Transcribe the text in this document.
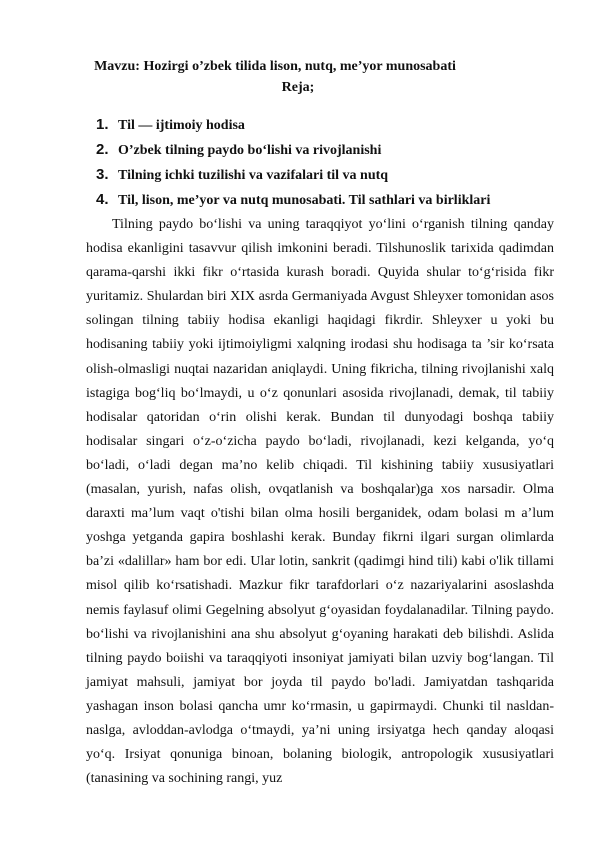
Mavzu: Hozirgi o’zbek tilida lison, nutq, me’yor munosabati
Reja;
1. Til — ijtimoiy hodisa
2. O’zbek tilning paydo bo‘lishi va rivojlanishi
3. Tilning ichki tuzilishi va vazifalari til va nutq
4. Til, lison, me’yor va nutq munosabati. Til sathlari va birliklari

Tilning paydo bo‘lishi va uning taraqqiyot yo‘lini o‘rganish tilning qanday hodisa ekanligini tasavvur qilish imkonini beradi. Tilshunoslik tarixida qadimdan qarama-qarshi ikki fikr o‘rtasida kurash boradi. Quyida shular to‘g‘risida fikr yuritamiz. Shulardan biri XIX asrda Germaniyada Avgust Shleyxer tomonidan asos solingan tilning tabiiy hodisa ekanligi haqidagi fikrdir. Shleyxer u yoki bu hodisaning tabiiy yoki ijtimoiyligmi xalqning irodasi shu hodisaga ta ’sir ko‘rsata olish-olmasligi nuqtai nazaridan aniqlaydi. Uning fikricha, tilning rivojlanishi xalq istagiga bog‘liq bo‘lmaydi, u o‘z qonunlari asosida rivojlanadi, demak, til tabiiy hodisalar qatoridan o‘rin olishi kerak. Bundan til dunyodagi boshqa tabiiy hodisalar singari o‘z-o‘zicha paydo bo‘ladi, rivojlanadi, kezi kelganda, yo‘q bo‘ladi, o‘ladi degan ma’no kelib chiqadi. Til kishining tabiiy xususiyatlari (masalan, yurish, nafas olish, ovqatlanish va boshqalar)ga xos narsadir. Olma daraxti ma’lum vaqt o'tishi bilan olma hosili berganidek, odam bolasi m a’lum yoshga yetganda gapira boshlashi kerak. Bunday fikrni ilgari surgan olimlarda ba’zi «dalillar» ham bor edi. Ular lotin, sankrit (qadimgi hind tili) kabi o'lik tillami misol qilib ko‘rsatishadi. Mazkur fikr tarafdorlari o‘z nazariyalarini asoslashda nemis faylasuf olimi Gegelning absolyut g‘oyasidan foydalanadilar. Tilning paydo. bo‘lishi va rivojlanishini ana shu absolyut g‘oyaning harakati deb bilishdi. Aslida tilning paydo boiishi va taraqqiyoti insoniyat jamiyati bilan uzviy bog‘langan. Til jamiyat mahsuli, jamiyat bor joyda til paydo bo'ladi. Jamiyatdan tashqarida yashagan inson bolasi qancha umr ko‘rmasin, u gapirmaydi. Chunki til nasldan-naslga, avloddan-avlodga o‘tmaydi, ya’ni uning irsiyatga hech qanday aloqasi yo‘q. Irsiyat qonuniga binoan, bolaning biologik, antropologik xususiyatlari (tanasining va sochining rangi, yuz
